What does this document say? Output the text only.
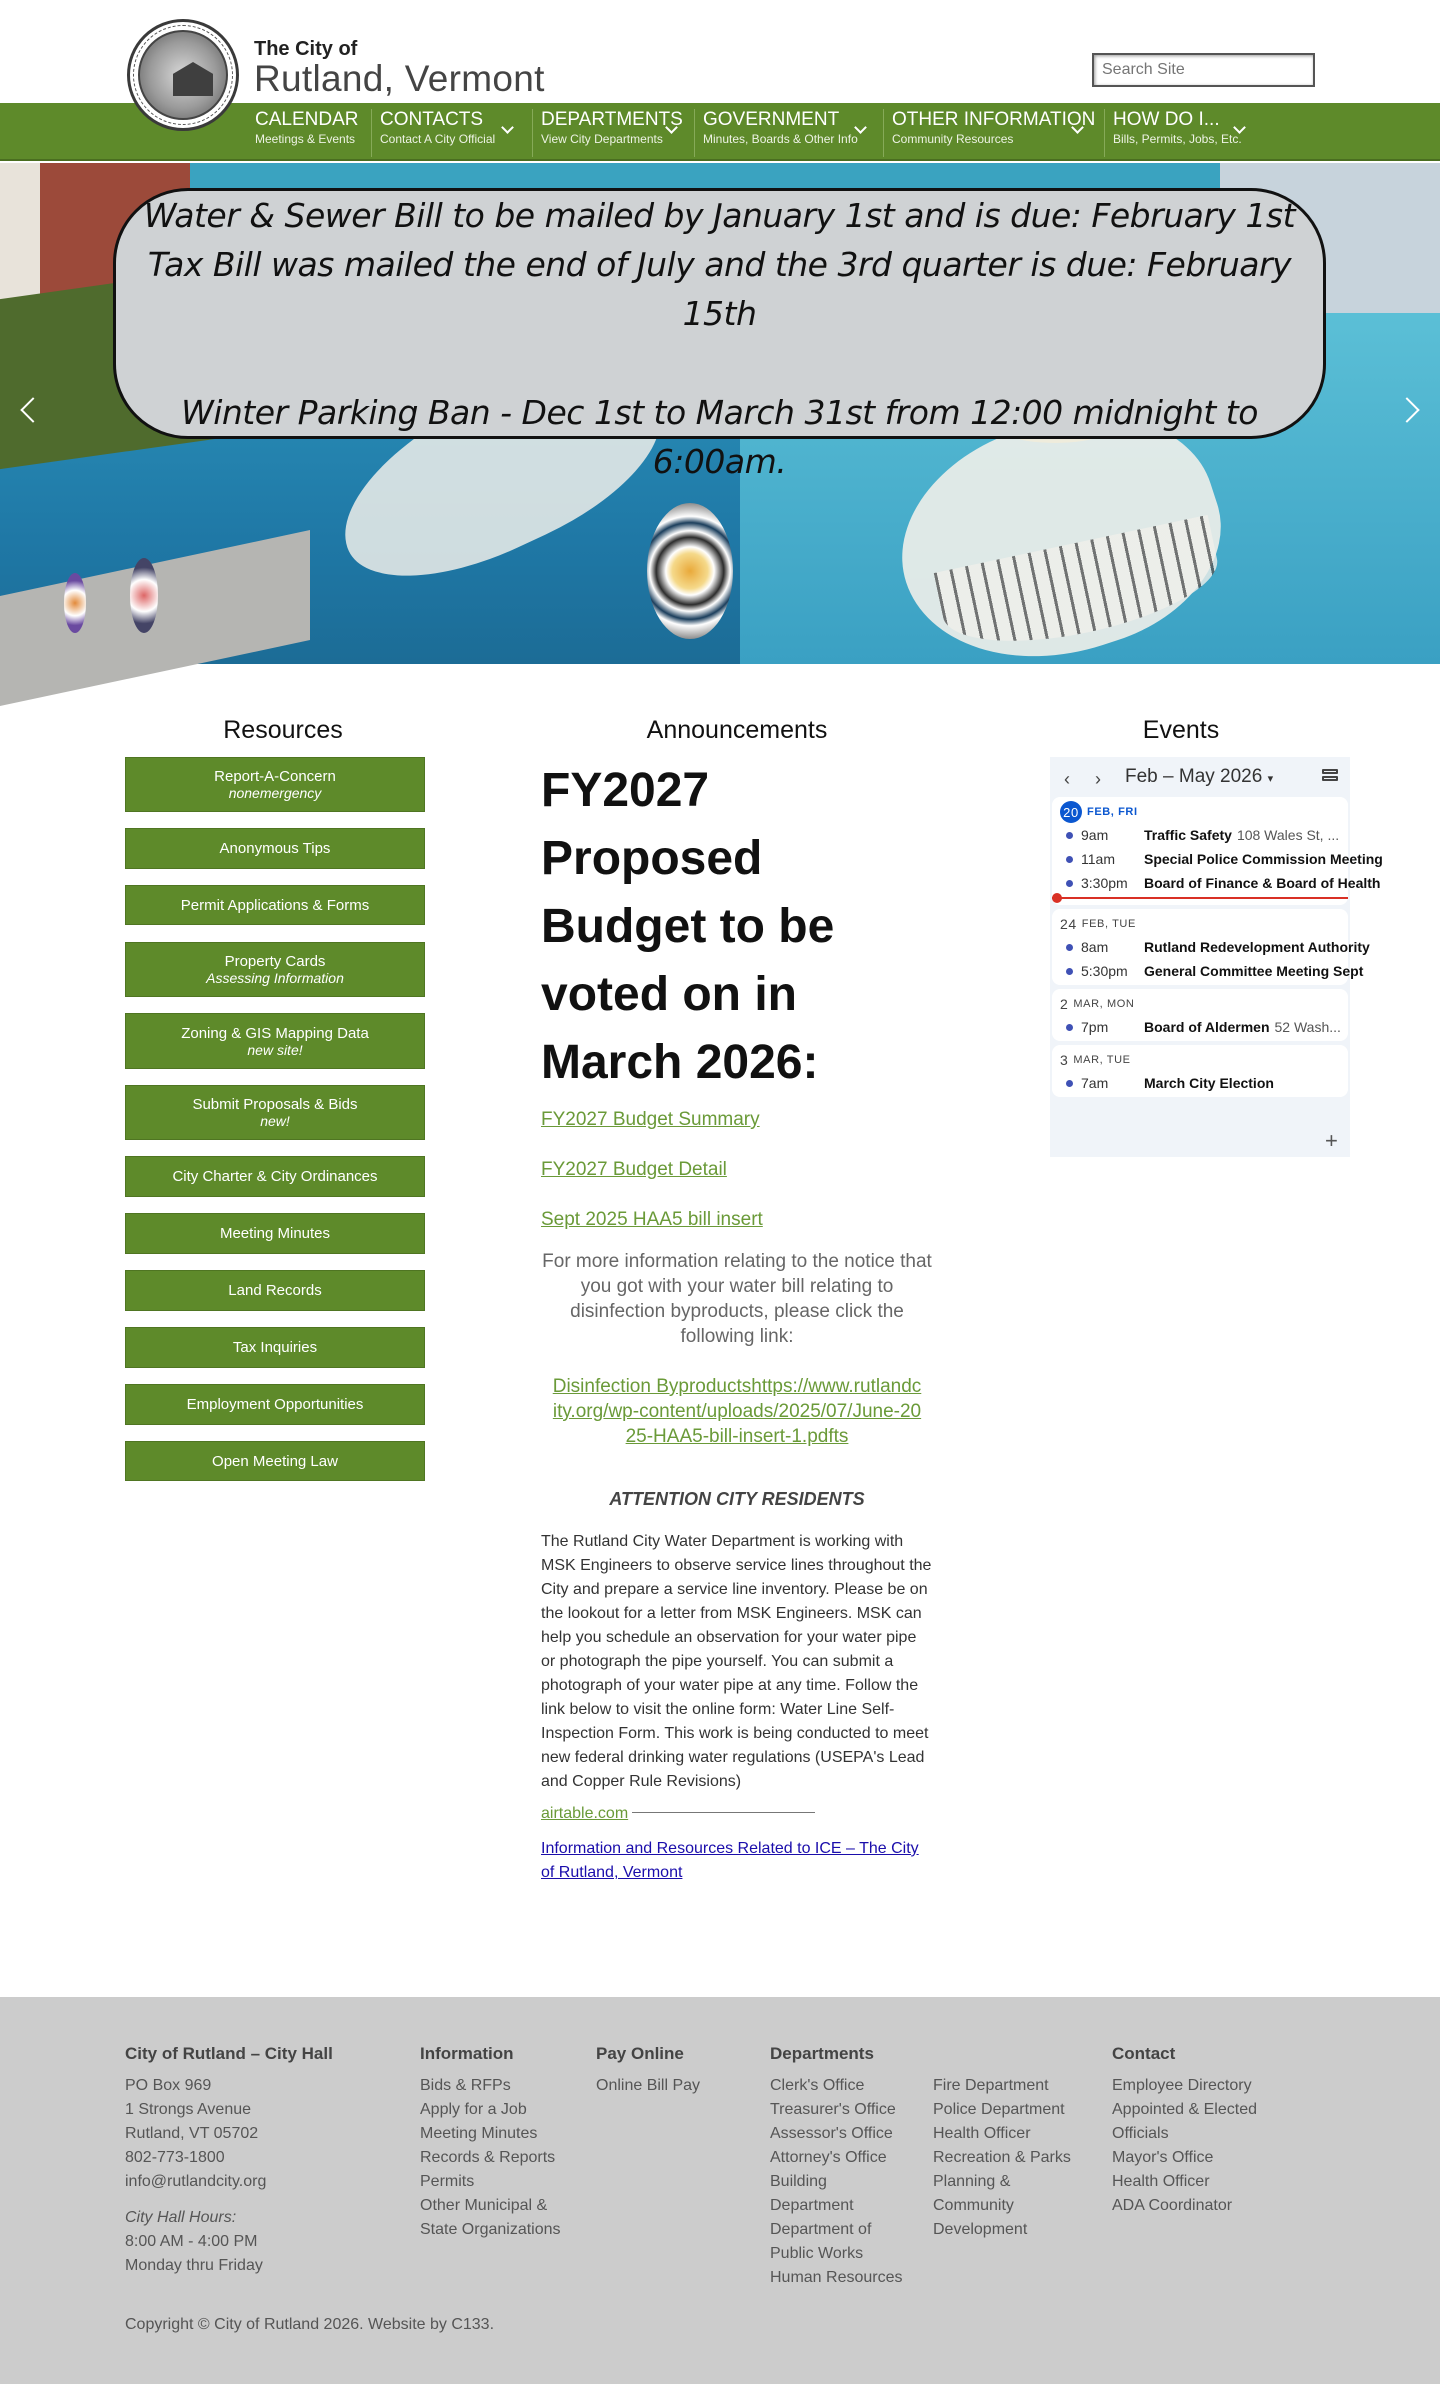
The City of
Rutland, Vermont
Search Site
CALENDAR
Meetings & Events
CONTACTS
Contact A City Official
DEPARTMENTS
View City Departments
GOVERNMENT
Minutes, Boards & Other Info
OTHER INFORMATION
Community Resources
HOW DO I...
Bills, Permits, Jobs, Etc.
Water & Sewer Bill to be mailed by January 1st and is due: February 1st
Tax Bill was mailed the end of July and the 3rd quarter is due: February 15th
Winter Parking Ban - Dec 1st to March 31st from 12:00 midnight to 6:00am.
Resources
Report-A-Concern
nonemergency
Anonymous Tips
Permit Applications & Forms
Property Cards
Assessing Information
Zoning & GIS Mapping Data
new site!
Submit Proposals & Bids
new!
City Charter & City Ordinances
Meeting Minutes
Land Records
Tax Inquiries
Employment Opportunities
Open Meeting Law
Announcements
FY2027 Proposed Budget to be voted on in March 2026:
FY2027 Budget Summary
FY2027 Budget Detail
Sept 2025 HAA5 bill insert
For more information relating to the notice that you got with your water bill relating to disinfection byproducts, please click the following link:
Disinfection Byproductshttps://www.rutlandcity.org/wp-content/uploads/2025/07/June-2025-HAA5-bill-insert-1.pdfts
ATTENTION CITY RESIDENTS
The Rutland City Water Department is working with MSK Engineers to observe service lines throughout the City and prepare a service line inventory. Please be on the lookout for a letter from MSK Engineers. MSK can help you schedule an observation for your water pipe or photograph the pipe yourself. You can submit a photograph of your water pipe at any time. Follow the link below to visit the online form: Water Line Self-Inspection Form. This work is being conducted to meet new federal drinking water regulations (USEPA's Lead and Copper Rule Revisions)
airtable.com
Information and Resources Related to ICE – The City of Rutland, Vermont
Events
‹ › Feb – May 2026 ▾
20 FEB, FRI
9am	Traffic Safety 108 Wales St, ...
11am	Special Police Commission Meeting
3:30pm	Board of Finance & Board of Health
24 FEB, TUE
8am	Rutland Redevelopment Authority
5:30pm	General Committee Meeting Sept
2 MAR, MON
7pm	Board of Aldermen 52 Wash...
3 MAR, TUE
7am	March City Election
+
City of Rutland – City Hall
PO Box 969
1 Strongs Avenue
Rutland, VT 05702
802-773-1800
info@rutlandcity.org
City Hall Hours:
8:00 AM - 4:00 PM
Monday thru Friday
Information
Bids & RFPs
Apply for a Job
Meeting Minutes
Records & Reports
Permits
Other Municipal &
State Organizations
Pay Online
Online Bill Pay
Departments
Clerk's Office
Treasurer's Office
Assessor's Office
Attorney's Office
Building
Department
Department of
Public Works
Human Resources
Fire Department
Police Department
Health Officer
Recreation & Parks
Planning &
Community
Development
Contact
Employee Directory
Appointed & Elected
Officials
Mayor's Office
Health Officer
ADA Coordinator
Copyright © City of Rutland 2026. Website by C133.
